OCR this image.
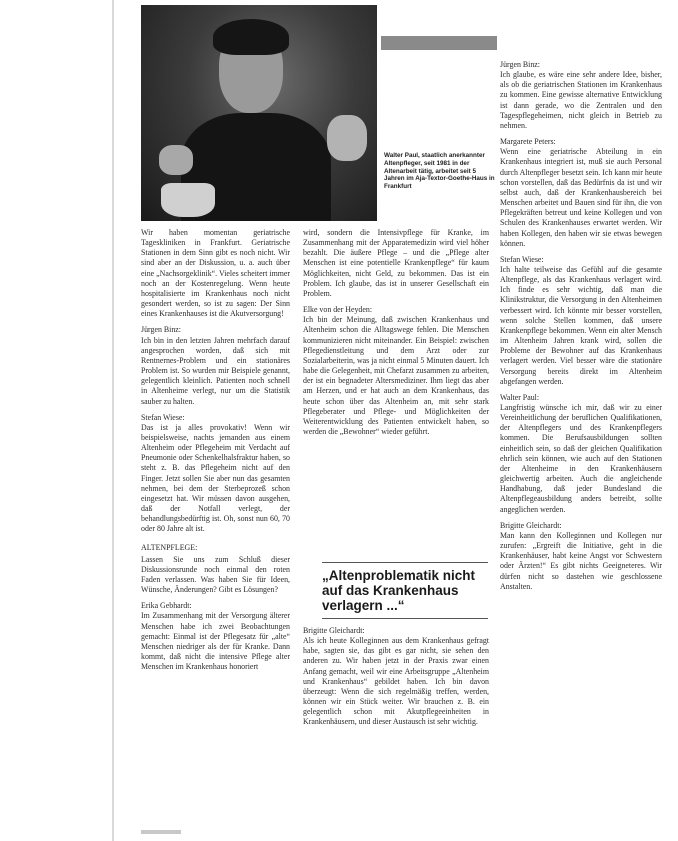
Walter Paul, staatlich anerkannter Altenpfleger, seit 1981 in der Altenarbeit tätig, arbeitet seit 5 Jahren im Aja-Textor-Goethe-Haus in Frankfurt

Wir haben momentan geriatrische Tageskliniken in Frankfurt. Geriatrische Stationen in dem Sinn gibt es noch nicht. Wir sind aber an der Diskussion, u. a. auch über eine „Nachsorgeklinik“. Vieles scheitert immer noch an der Kostenregelung. Wenn heute hospitalisierte im Krankenhaus noch nicht gesondert werden, so ist zu sagen: Der Sinn eines Krankenhauses ist die Akutversorgung!

Jürgen Binz:

Ich bin in den letzten Jahren mehrfach darauf angesprochen worden, daß sich mit Rentnernes-Problem und ein stationäres Problem ist. So wurden mir Beispiele genannt, gelegentlich kleinlich. Patienten noch schnell in Altenheime verlegt, nur um die Statistik sauber zu halten.

Stefan Wiese:

Das ist ja alles provokativ! Wenn wir beispielsweise, nachts jemanden aus einem Altenheim oder Pflegeheim mit Verdacht auf Pneumonie oder Schenkelhalsfraktur haben, so steht z. B. das Pflegeheim nicht auf den Finger. Jetzt sollen Sie aber nun das gesamten nehmen, bei dem der Sterbeprozeß schon eingesetzt hat. Wir müssen davon ausgehen, daß der Notfall verlegt, der behandlungsbedürftig ist. Oh, sonst nun 60, 70 oder 80 Jahre alt ist.

ALTENPFLEGE:

Lassen Sie uns zum Schluß dieser Diskussionsrunde noch einmal den roten Faden verlassen. Was haben Sie für Ideen, Wünsche, Änderungen? Gibt es Lösungen?

Erika Gebhardt:

Im Zusammenhang mit der Versorgung älterer Menschen habe ich zwei Beobachtungen gemacht: Einmal ist der Pflegesatz für „alte“ Menschen niedriger als der für Kranke. Dann kommt, daß nicht die intensive Pflege alter Menschen im Krankenhaus honoriert

wird, sondern die Intensivpflege für Kranke, im Zusammenhang mit der Apparatemedizin wird viel höher bezahlt. Die äußere Pflege – und die „Pflege alter Menschen ist eine potentielle Krankenpflege“ für kaum Möglichkeiten, nicht Geld, zu bekommen. Das ist ein Problem. Ich glaube, das ist in unserer Gesellschaft ein Problem.

Elke von der Heyden:

Ich bin der Meinung, daß zwischen Krankenhaus und Altenheim schon die Alltagswege fehlen. Die Menschen kommunizieren nicht miteinander. Ein Beispiel: zwischen Pflegedienstleitung und dem Arzt oder zur Sozialarbeiterin, was ja nicht einmal 5 Minuten dauert. Ich habe die Gelegenheit, mit Chefarzt zusammen zu arbeiten, der ist ein begnadeter Altersmediziner. Ihm liegt das aber am Herzen, und er hat auch an dem Krankenhaus, das heute schon über das Altenheim an, mit sehr stark Pflegeberater und Pflege- und Möglichkeiten der Weiterentwicklung des Patienten entwickelt haben, so werden die „Bewohner“ wieder geführt.

„Altenproblematik nicht auf das Krankenhaus verlagern ...“

Brigitte Gleichardt:

Als ich heute Kolleginnen aus dem Krankenhaus gefragt habe, sagten sie, das gibt es gar nicht, sie sehen den anderen zu. Wir haben jetzt in der Praxis zwar einen Anfang gemacht, weil wir eine Arbeitsgruppe „Altenheim und Krankenhaus“ gebildet haben. Ich bin davon überzeugt: Wenn die sich regelmäßig treffen, werden, können wir ein Stück weiter. Wir brauchen z. B. ein gelegentlich schon mit Akutpflegeeinheiten in Krankenhäusern, und dieser Austausch ist sehr wichtig.

Jürgen Binz:

Ich glaube, es wäre eine sehr andere Idee, bisher, als ob die geriatrischen Stationen im Krankenhaus zu kommen. Eine gewisse alternative Entwicklung ist dann gerade, wo die Zentralen und den Tagespflegeheimen, nicht gleich in Betrieb zu nehmen.

Margarete Peters:

Wenn eine geriatrische Abteilung in ein Krankenhaus integriert ist, muß sie auch Personal durch Altenpfleger besetzt sein. Ich kann mir heute schon vorstellen, daß das Bedürfnis da ist und wir selbst auch, daß der Krankenhausbereich bei Menschen arbeitet und Bauen sind für ihn, die von Pflegekräften betreut und keine Kollegen und von Schulen des Krankenhauses erwartet werden. Wir haben Kollegen, den haben wir sie etwas bewegen können.

Stefan Wiese:

Ich halte teilweise das Gefühl auf die gesamte Altenpflege, als das Krankenhaus verlagert wird. Ich finde es sehr wichtig, daß man die Klinikstruktur, die Versorgung in den Altenheimen verbessert wird. Ich könnte mir besser vorstellen, wenn solche Stellen kommen, daß unsere Krankenpflege bekommen. Wenn ein alter Mensch im Altenheim Jahren krank wird, sollen die Probleme der Bewohner auf das Krankenhaus verlagert werden. Viel besser wäre die stationäre Versorgung bereits direkt im Altenheim abgefangen werden.

Walter Paul:

Langfristig wünsche ich mir, daß wir zu einer Vereinheitlichung der beruflichen Qualifikationen, der Altenpflegers und des Krankenpflegers kommen. Die Berufsausbildungen sollten einheitlich sein, so daß der gleichen Qualifikation ehrlich sein können, wie auch auf den Stationen der Altenheime in den Krankenhäusern gleichwertig arbeiten. Auch die angleichende Handhabung, daß jeder Bundesland die Altenpflegeausbildung anders betreibt, sollte angeglichen werden.

Brigitte Gleichardt:

Man kann den Kolleginnen und Kollegen nur zurufen: „Ergreift die Initiative, geht in die Krankenhäuser, habt keine Angst vor Schwestern oder Ärzten!“ Es gibt nichts Geeigneteres. Wir dürfen nicht so dastehen wie geschlossene Anstalten.
